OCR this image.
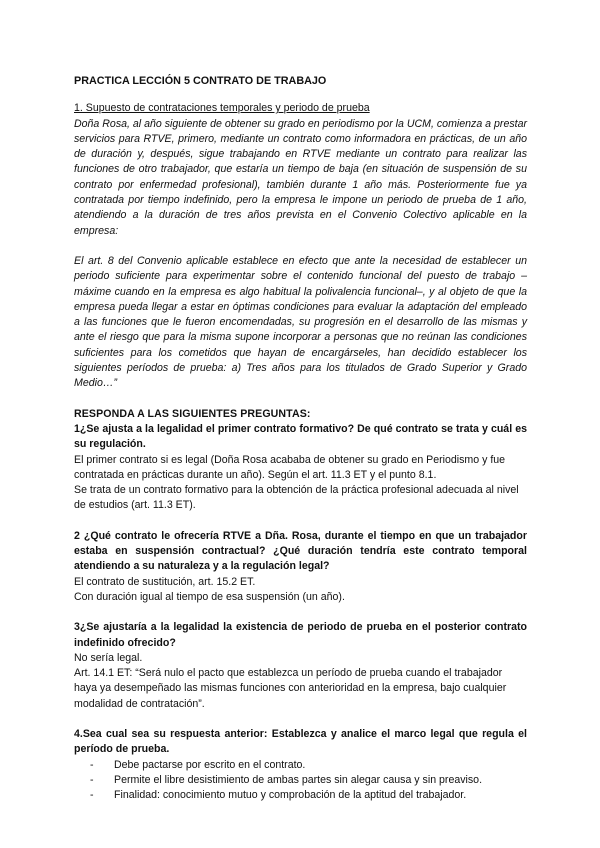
PRACTICA LECCIÓN 5 CONTRATO DE TRABAJO

1. Supuesto de contrataciones temporales y periodo de prueba

Doña Rosa, al año siguiente de obtener su grado en periodismo por la UCM, comienza a prestar servicios para RTVE, primero, mediante un contrato como informadora en prácticas, de un año de duración y, después, sigue trabajando en RTVE mediante un contrato para realizar las funciones de otro trabajador, que estaría un tiempo de baja (en situación de suspensión de su contrato por enfermedad profesional), también durante 1 año más. Posteriormente fue ya contratada por tiempo indefinido, pero la empresa le impone un periodo de prueba de 1 año, atendiendo a la duración de tres años prevista en el Convenio Colectivo aplicable en la empresa:

El art. 8 del Convenio aplicable establece en efecto que ante la necesidad de establecer un periodo suficiente para experimentar sobre el contenido funcional del puesto de trabajo –máxime cuando en la empresa es algo habitual la polivalencia funcional–, y al objeto de que la empresa pueda llegar a estar en óptimas condiciones para evaluar la adaptación del empleado a las funciones que le fueron encomendadas, su progresión en el desarrollo de las mismas y ante el riesgo que para la misma supone incorporar a personas que no reúnan las condiciones suficientes para los cometidos que hayan de encargárseles, han decidido establecer los siguientes períodos de prueba: a) Tres años para los titulados de Grado Superior y Grado Medio…”

RESPONDA A LAS SIGUIENTES PREGUNTAS:

1¿Se ajusta a la legalidad el primer contrato formativo? De qué contrato se trata y cuál es su regulación.

El primer contrato si es legal (Doña Rosa acababa de obtener su grado en Periodismo y fue contratada en prácticas durante un año). Según el art. 11.3 ET y el punto 8.1.

Se trata de un contrato formativo para la obtención de la práctica profesional adecuada al nivel de estudios (art. 11.3 ET).

2 ¿Qué contrato le ofrecería RTVE a Dña. Rosa, durante el tiempo en que un trabajador estaba en suspensión contractual? ¿Qué duración tendría este contrato temporal atendiendo a su naturaleza y a la regulación legal?

El contrato de sustitución, art. 15.2 ET.

Con duración igual al tiempo de esa suspensión (un año).

3¿Se ajustaría a la legalidad la existencia de periodo de prueba en el posterior contrato indefinido ofrecido?

No sería legal.

Art. 14.1 ET: “Será nulo el pacto que establezca un período de prueba cuando el trabajador haya ya desempeñado las mismas funciones con anterioridad en la empresa, bajo cualquier modalidad de contratación”.

4.Sea cual sea su respuesta anterior: Establezca y analice el marco legal que regula el período de prueba.

- Debe pactarse por escrito en el contrato.
- Permite el libre desistimiento de ambas partes sin alegar causa y sin preaviso.
- Finalidad: conocimiento mutuo y comprobación de la aptitud del trabajador.
